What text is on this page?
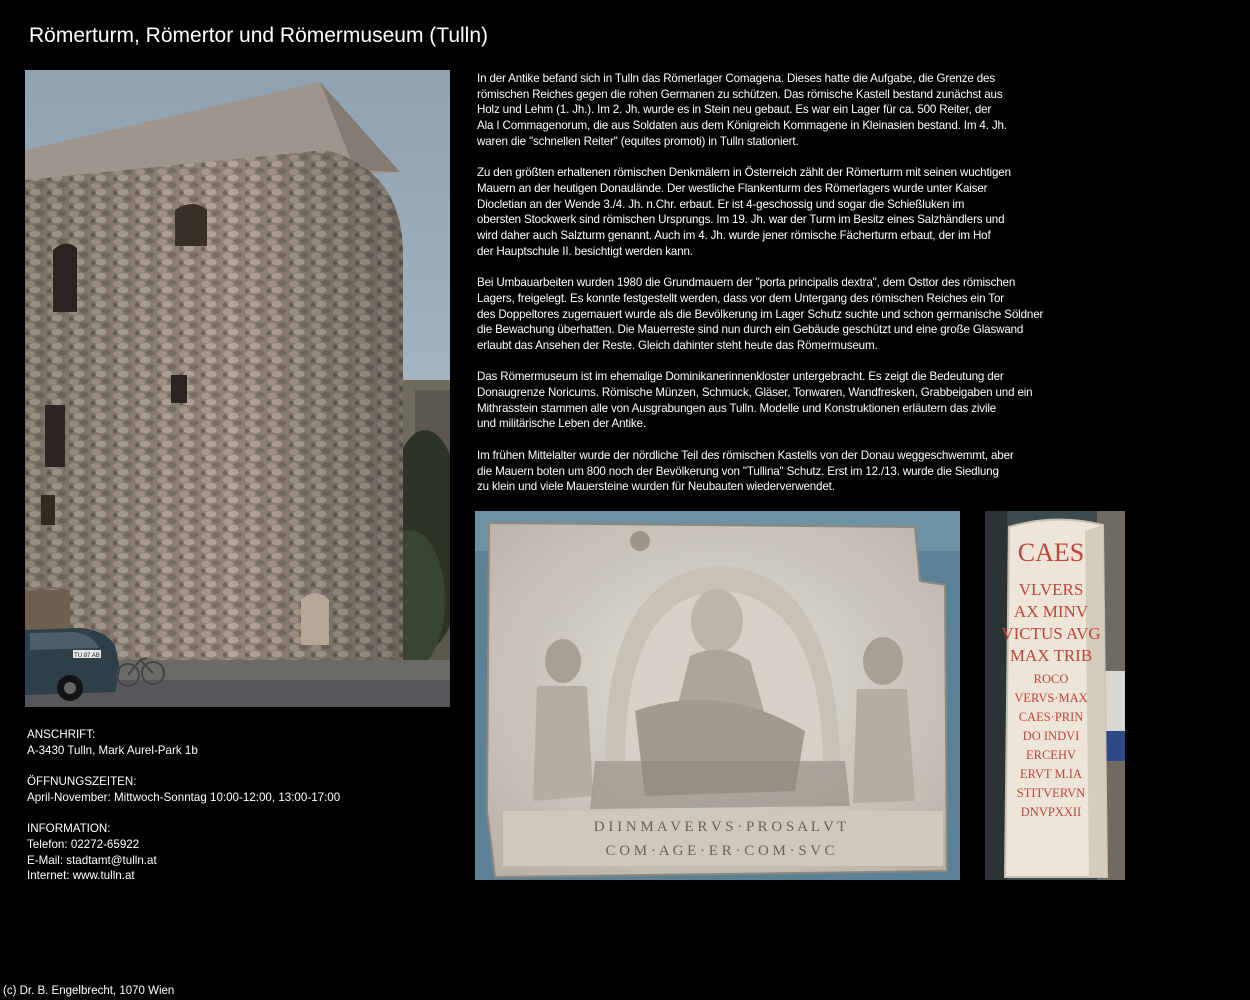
Römerturm, Römertor und Römermuseum (Tulln)
TU 87 AB

In der Antike befand sich in Tulln das Römerlager Comagena. Dieses hatte die Aufgabe, die Grenze des
römischen Reiches gegen die rohen Germanen zu schützen. Das römische Kastell bestand zunächst aus
Holz und Lehm (1. Jh.). Im 2. Jh. wurde es in Stein neu gebaut. Es war ein Lager für ca. 500 Reiter, der
Ala I Commagenorum, die aus Soldaten aus dem Königreich Kommagene in Kleinasien bestand. Im 4. Jh.
waren die "schnellen Reiter" (equites promoti) in Tulln stationiert.

Zu den größten erhaltenen römischen Denkmälern in Österreich zählt der Römerturm mit seinen wuchtigen
Mauern an der heutigen Donaulände. Der westliche Flankenturm des Römerlagers wurde unter Kaiser
Diocletian an der Wende 3./4. Jh. n.Chr. erbaut. Er ist 4-geschossig und sogar die Schießluken im
obersten Stockwerk sind römischen Ursprungs. Im 19. Jh. war der Turm im Besitz eines Salzhändlers und
wird daher auch Salzturm genannt. Auch im 4. Jh. wurde jener römische Fächerturm erbaut, der im Hof
der Hauptschule II. besichtigt werden kann.

Bei Umbauarbeiten wurden 1980 die Grundmauern der "porta principalis dextra", dem Osttor des römischen
Lagers, freigelegt. Es konnte festgestellt werden, dass vor dem Untergang des römischen Reiches ein Tor
des Doppeltores zugemauert wurde als die Bevölkerung im Lager Schutz suchte und schon germanische Söldner
die Bewachung überhatten. Die Mauerreste sind nun durch ein Gebäude geschützt und eine große Glaswand
erlaubt das Ansehen der Reste. Gleich dahinter steht heute das Römermuseum.

Das Römermuseum ist im ehemalige Dominikanerinnenkloster untergebracht. Es zeigt die Bedeutung der
Donaugrenze Noricums. Römische Münzen, Schmuck, Gläser, Tonwaren, Wandfresken, Grabbeigaben und ein
Mithrasstein stammen alle von Ausgrabungen aus Tulln. Modelle und Konstruktionen erläutern das zivile
und militärische Leben der Antike.

Im frühen Mittelalter wurde der nördliche Teil des römischen Kastells von der Donau weggeschwemmt, aber
die Mauern boten um 800 noch der Bevölkerung von "Tullina" Schutz. Erst im 12./13. wurde die Siedlung
zu klein und viele Mauersteine wurden für Neubauten wiederverwendet.

D I I N M A V E R V S · P R O S A L V T
C O M · A G E · E R · C O M · S V C
CAES
VLVERS
AX MINV
VICTUS AVG
MAX TRIB
ROCO
VERVS·MAX
CAES·PRIN
DO INDVI
ERCEHV
ERVT M.IA
STITVERVN
DNVPXXII
ANSCHRIFT:
A-3430 Tulln, Mark Aurel-Park 1b
ÖFFNUNGSZEITEN:
April-November: Mittwoch-Sonntag 10:00-12:00, 13:00-17:00
INFORMATION:
Telefon: 02272-65922
E-Mail: stadtamt@tulln.at
Internet: www.tulln.at
(c) Dr. B. Engelbrecht, 1070 Wien
